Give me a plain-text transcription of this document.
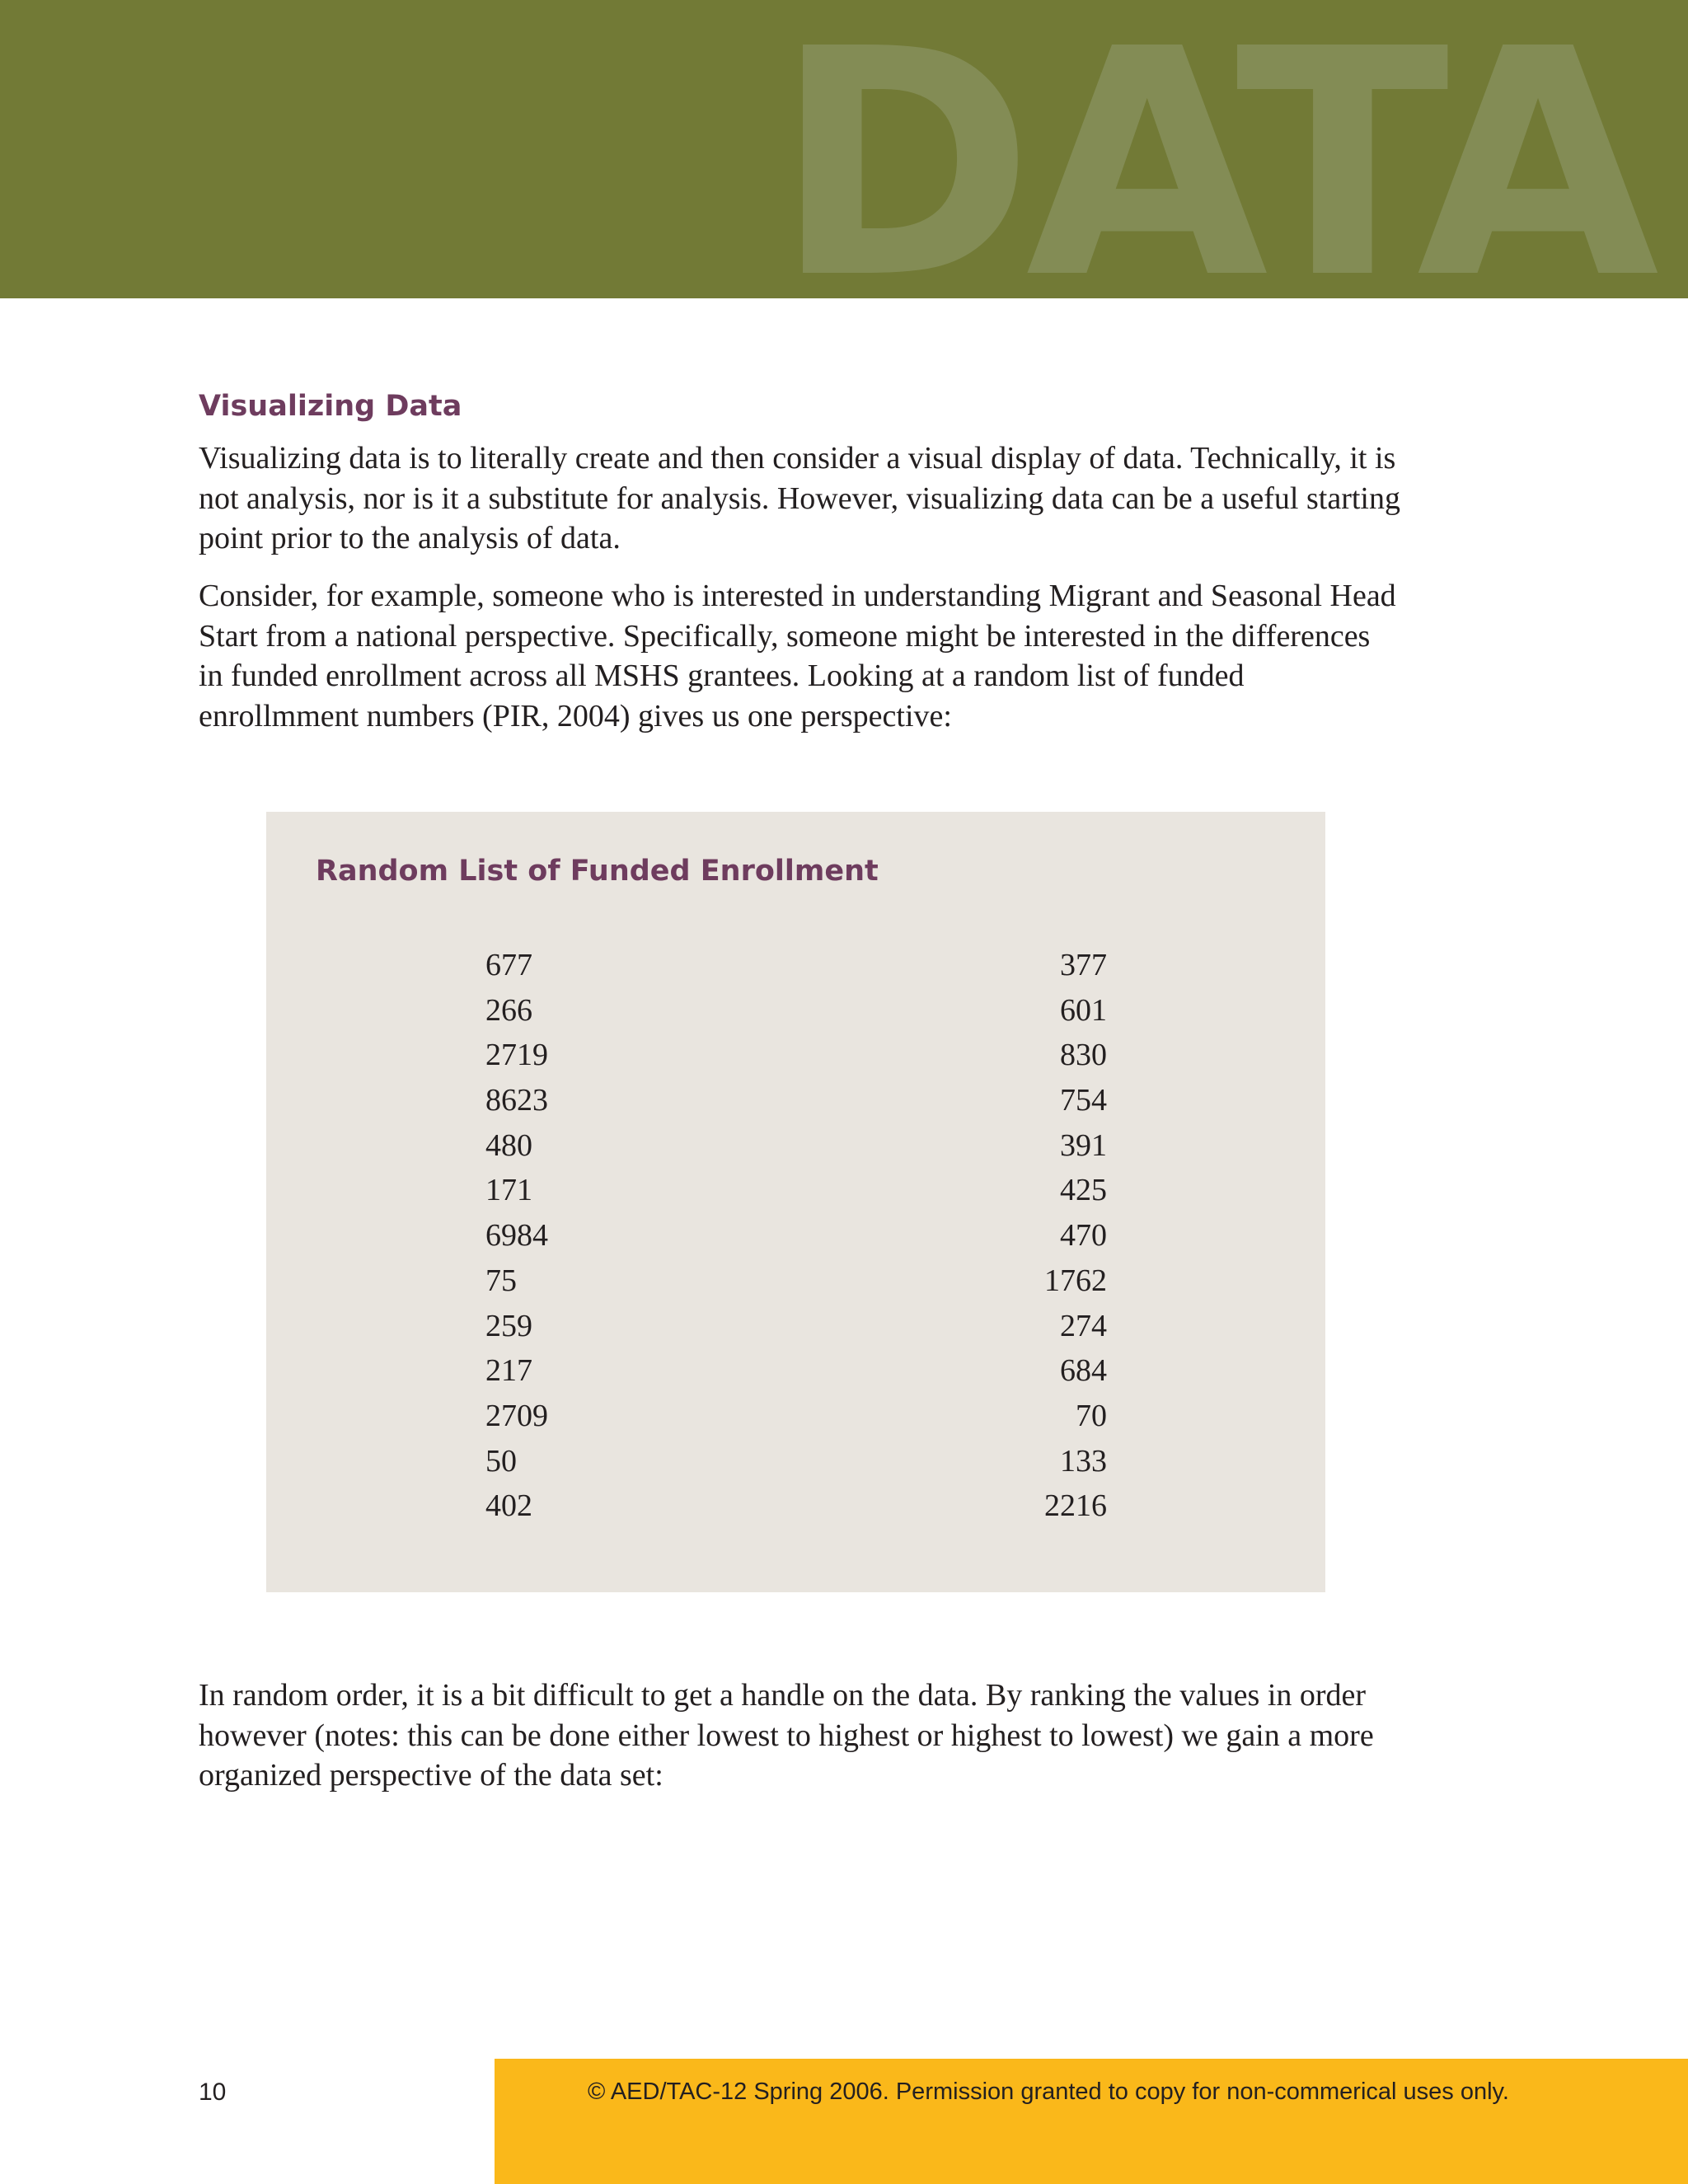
DATA
Visualizing Data

Visualizing data is to literally create and then consider a visual display of data. Technically, it is not analysis, nor is it a substitute for analysis. However, visualizing data can be a useful starting point prior to the analysis of data.

Consider, for example, someone who is interested in understanding Migrant and Seasonal Head Start from a national perspective. Specifically, someone might be interested in the differences in funded enrollment across all MSHS grantees. Looking at a random list of funded enrollmment numbers (PIR, 2004) gives us one perspective:

Random List of Funded Enrollment
677
266
2719
8623
480
171
6984
75
259
217
2709
50
402
377
601
830
754
391
425
470
1762
274
684
70
133
2216

In random order, it is a bit difficult to get a handle on the data. By ranking the values in order however (notes: this can be done either lowest to highest or highest to lowest) we gain a more organized perspective of the data set:

10	© AED/TAC-12 Spring 2006. Permission granted to copy for non-commerical uses only.
